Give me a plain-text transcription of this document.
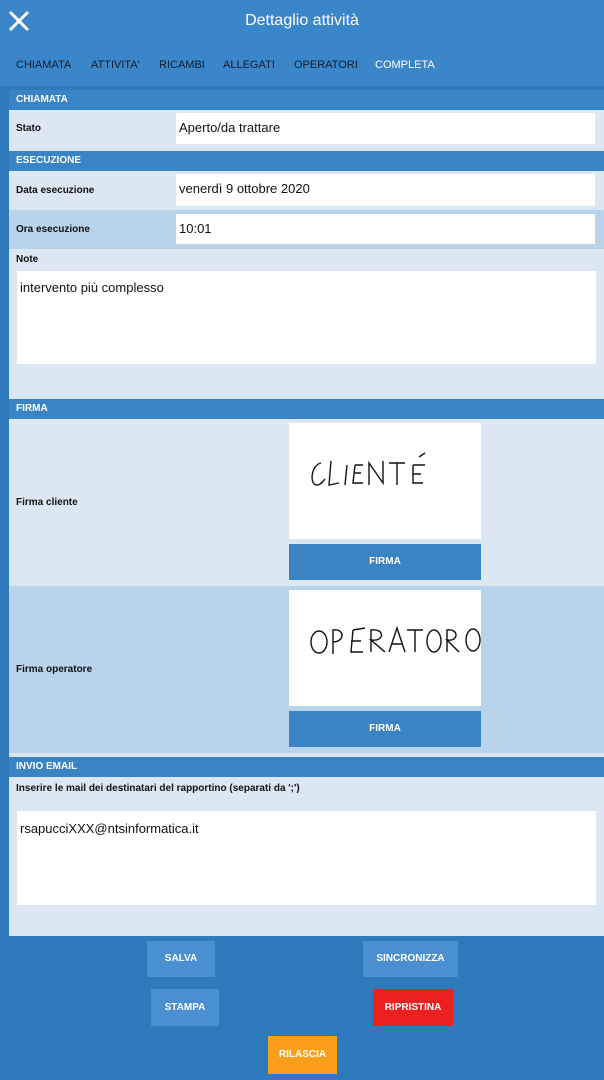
Dettaglio attività
CHIAMATA ATTIVITA' RICAMBI ALLEGATI OPERATORI COMPLETA
CHIAMATA
Stato	Aperto/da trattare
ESECUZIONE
Data esecuzione	venerdì 9 ottobre 2020
Ora esecuzione	10:01
Note
intervento più complesso
FIRMA
Firma cliente
FIRMA
Firma operatore
FIRMA
INVIO EMAIL
Inserire le mail dei destinatari del rapportino (separati da ';')
rsapucciXXX@ntsinformatica.it
SALVA	SINCRONIZZA
STAMPA	RIPRISTINA
RILASCIA
